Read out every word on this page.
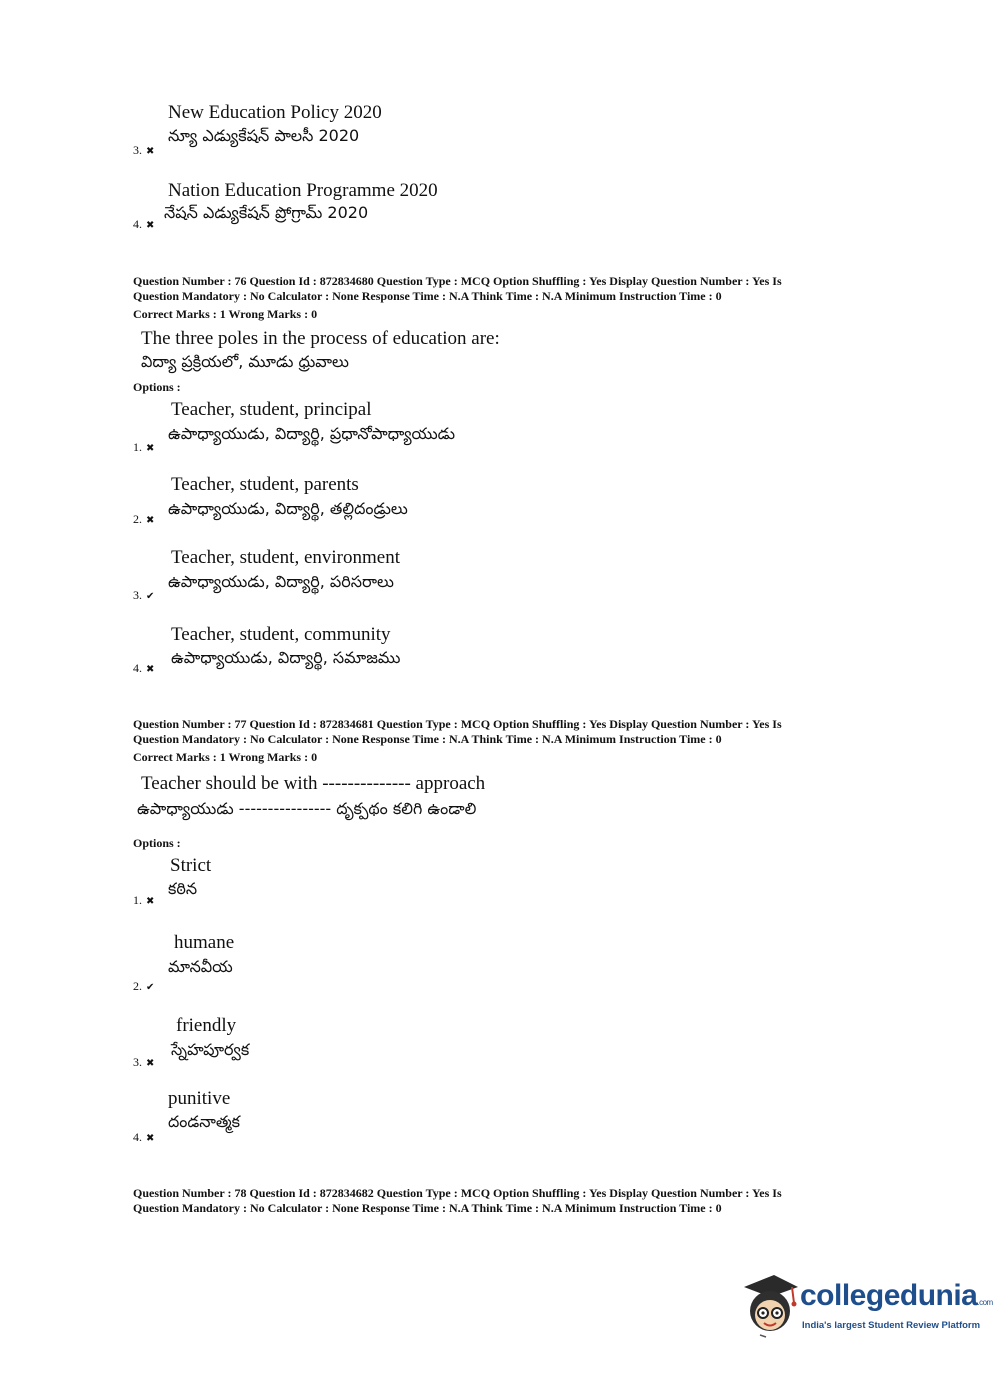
New Education Policy 2020
న్యూ ఎడ్యుకేషన్ పాలసీ 2020
3. ✖
Nation Education Programme 2020
నేషన్ ఎడ్యుకేషన్ ప్రోగ్రామ్ 2020
4. ✖
Question Number : 76 Question Id : 872834680 Question Type : MCQ Option Shuffling : Yes Display Question Number : Yes Is
Question Mandatory : No Calculator : None Response Time : N.A Think Time : N.A Minimum Instruction Time : 0
Correct Marks : 1 Wrong Marks : 0
The three poles in the process of education are:
విద్యా ప్రక్రియలో, మూడు ధ్రువాలు
Options :
Teacher, student, principal
ఉపాధ్యాయుడు, విద్యార్థి, ప్రధానోపాధ్యాయుడు
1. ✖
Teacher, student, parents
ఉపాధ్యాయుడు, విద్యార్థి, తల్లిదండ్రులు
2. ✖
Teacher, student, environment
ఉపాధ్యాయుడు, విద్యార్థి, పరిసరాలు
3. ✔
Teacher, student, community
ఉపాధ్యాయుడు, విద్యార్థి, సమాజము
4. ✖
Question Number : 77 Question Id : 872834681 Question Type : MCQ Option Shuffling : Yes Display Question Number : Yes Is
Question Mandatory : No Calculator : None Response Time : N.A Think Time : N.A Minimum Instruction Time : 0
Correct Marks : 1 Wrong Marks : 0
Teacher should be with -------------- approach
ఉపాధ్యాయుడు ---------------- దృక్పథం కలిగి ఉండాలి
Options :
Strict
కఠిన
1. ✖
humane
మానవీయ
2. ✔
friendly
స్నేహపూర్వక
3. ✖
punitive
దండనాత్మక
4. ✖
Question Number : 78 Question Id : 872834682 Question Type : MCQ Option Shuffling : Yes Display Question Number : Yes Is
Question Mandatory : No Calculator : None Response Time : N.A Think Time : N.A Minimum Instruction Time : 0
collegedunia.com
India's largest Student Review Platform
